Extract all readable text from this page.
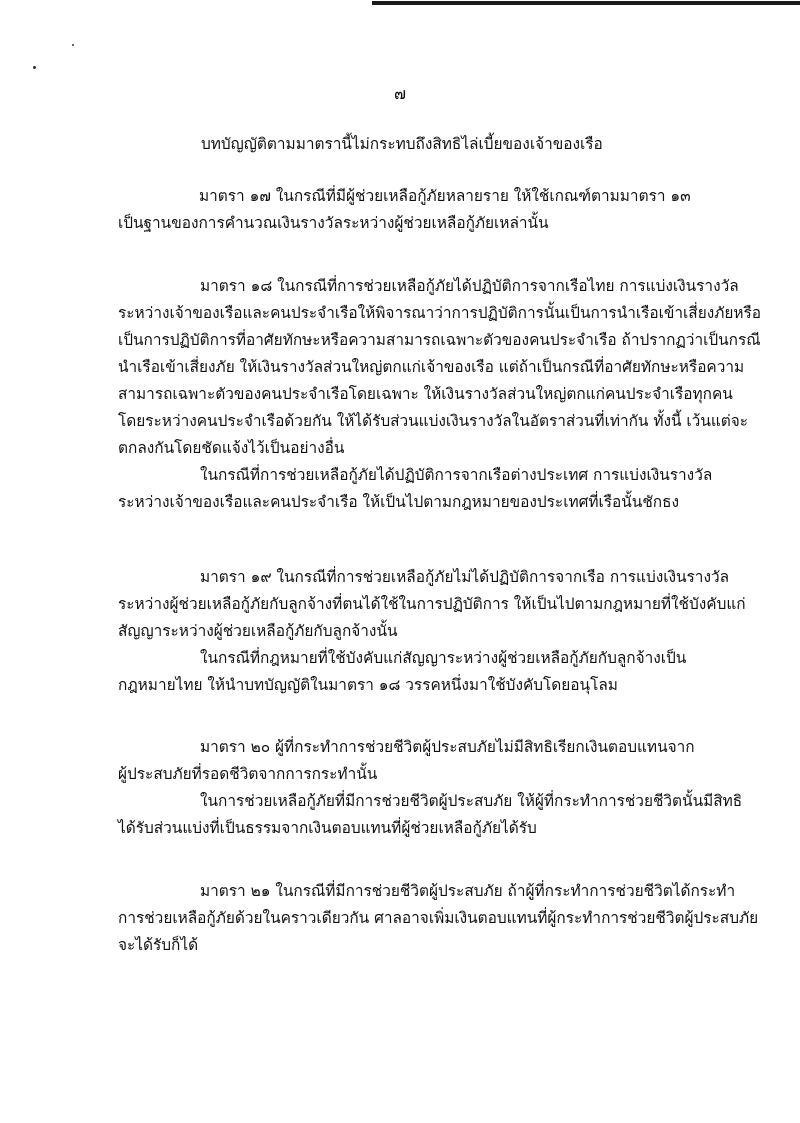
๗
บทบัญญัติตามมาตรานี้ไม่กระทบถึงสิทธิไล่เบี้ยของเจ้าของเรือ
มาตรา ๑๗ ในกรณีที่มีผู้ช่วยเหลือกู้ภัยหลายราย ให้ใช้เกณฑ์ตามมาตรา ๑๓
เป็นฐานของการคำนวณเงินรางวัลระหว่างผู้ช่วยเหลือกู้ภัยเหล่านั้น
มาตรา ๑๘ ในกรณีที่การช่วยเหลือกู้ภัยได้ปฏิบัติการจากเรือไทย การแบ่งเงินรางวัล
ระหว่างเจ้าของเรือและคนประจำเรือให้พิจารณาว่าการปฏิบัติการนั้นเป็นการนำเรือเข้าเสี่ยงภัยหรือ
เป็นการปฏิบัติการที่อาศัยทักษะหรือความสามารถเฉพาะตัวของคนประจำเรือ ถ้าปรากฏว่าเป็นกรณี
นำเรือเข้าเสี่ยงภัย ให้เงินรางวัลส่วนใหญ่ตกแก่เจ้าของเรือ แต่ถ้าเป็นกรณีที่อาศัยทักษะหรือความ
สามารถเฉพาะตัวของคนประจำเรือโดยเฉพาะ ให้เงินรางวัลส่วนใหญ่ตกแก่คนประจำเรือทุกคน
โดยระหว่างคนประจำเรือด้วยกัน ให้ได้รับส่วนแบ่งเงินรางวัลในอัตราส่วนที่เท่ากัน ทั้งนี้ เว้นแต่จะ
ตกลงกันโดยชัดแจ้งไว้เป็นอย่างอื่น
ในกรณีที่การช่วยเหลือกู้ภัยได้ปฏิบัติการจากเรือต่างประเทศ การแบ่งเงินรางวัล
ระหว่างเจ้าของเรือและคนประจำเรือ ให้เป็นไปตามกฎหมายของประเทศที่เรือนั้นชักธง
มาตรา ๑๙ ในกรณีที่การช่วยเหลือกู้ภัยไม่ได้ปฏิบัติการจากเรือ การแบ่งเงินรางวัล
ระหว่างผู้ช่วยเหลือกู้ภัยกับลูกจ้างที่ตนได้ใช้ในการปฏิบัติการ ให้เป็นไปตามกฎหมายที่ใช้บังคับแก่
สัญญาระหว่างผู้ช่วยเหลือกู้ภัยกับลูกจ้างนั้น
ในกรณีที่กฎหมายที่ใช้บังคับแก่สัญญาระหว่างผู้ช่วยเหลือกู้ภัยกับลูกจ้างเป็น
กฎหมายไทย ให้นำบทบัญญัติในมาตรา ๑๘ วรรคหนึ่งมาใช้บังคับโดยอนุโลม
มาตรา ๒๐ ผู้ที่กระทำการช่วยชีวิตผู้ประสบภัยไม่มีสิทธิเรียกเงินตอบแทนจาก
ผู้ประสบภัยที่รอดชีวิตจากการกระทำนั้น
ในการช่วยเหลือกู้ภัยที่มีการช่วยชีวิตผู้ประสบภัย ให้ผู้ที่กระทำการช่วยชีวิตนั้นมีสิทธิ
ได้รับส่วนแบ่งที่เป็นธรรมจากเงินตอบแทนที่ผู้ช่วยเหลือกู้ภัยได้รับ
มาตรา ๒๑ ในกรณีที่มีการช่วยชีวิตผู้ประสบภัย ถ้าผู้ที่กระทำการช่วยชีวิตได้กระทำ
การช่วยเหลือกู้ภัยด้วยในคราวเดียวกัน ศาลอาจเพิ่มเงินตอบแทนที่ผู้กระทำการช่วยชีวิตผู้ประสบภัย
จะได้รับก็ได้
